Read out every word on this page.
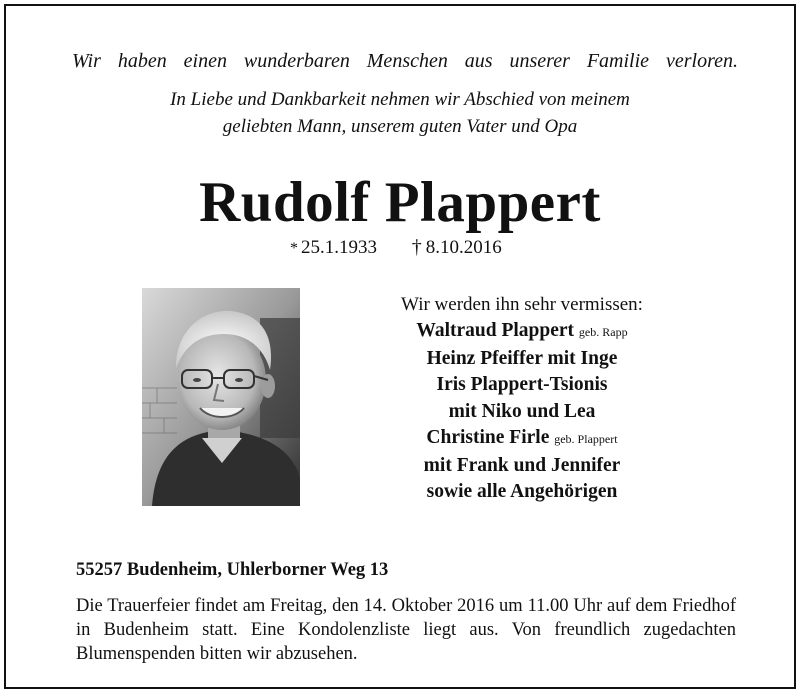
Wir haben einen wunderbaren Menschen aus unserer Familie verloren.
In Liebe und Dankbarkeit nehmen wir Abschied von meinem
geliebten Mann, unserem guten Vater und Opa
Rudolf Plappert
* 25.1.1933 † 8.10.2016
Wir werden ihn sehr vermissen:
Waltraud Plappert geb. Rapp
Heinz Pfeiffer mit Inge
Iris Plappert-Tsionis
mit Niko und Lea
Christine Firle geb. Plappert
mit Frank und Jennifer
sowie alle Angehörigen
55257 Budenheim, Uhlerborner Weg 13
Die Trauerfeier findet am Freitag, den 14. Oktober 2016 um 11.00 Uhr auf dem Friedhof in Budenheim statt. Eine Kondolenzliste liegt aus. Von freundlich zugedachten Blumenspenden bitten wir abzusehen.
